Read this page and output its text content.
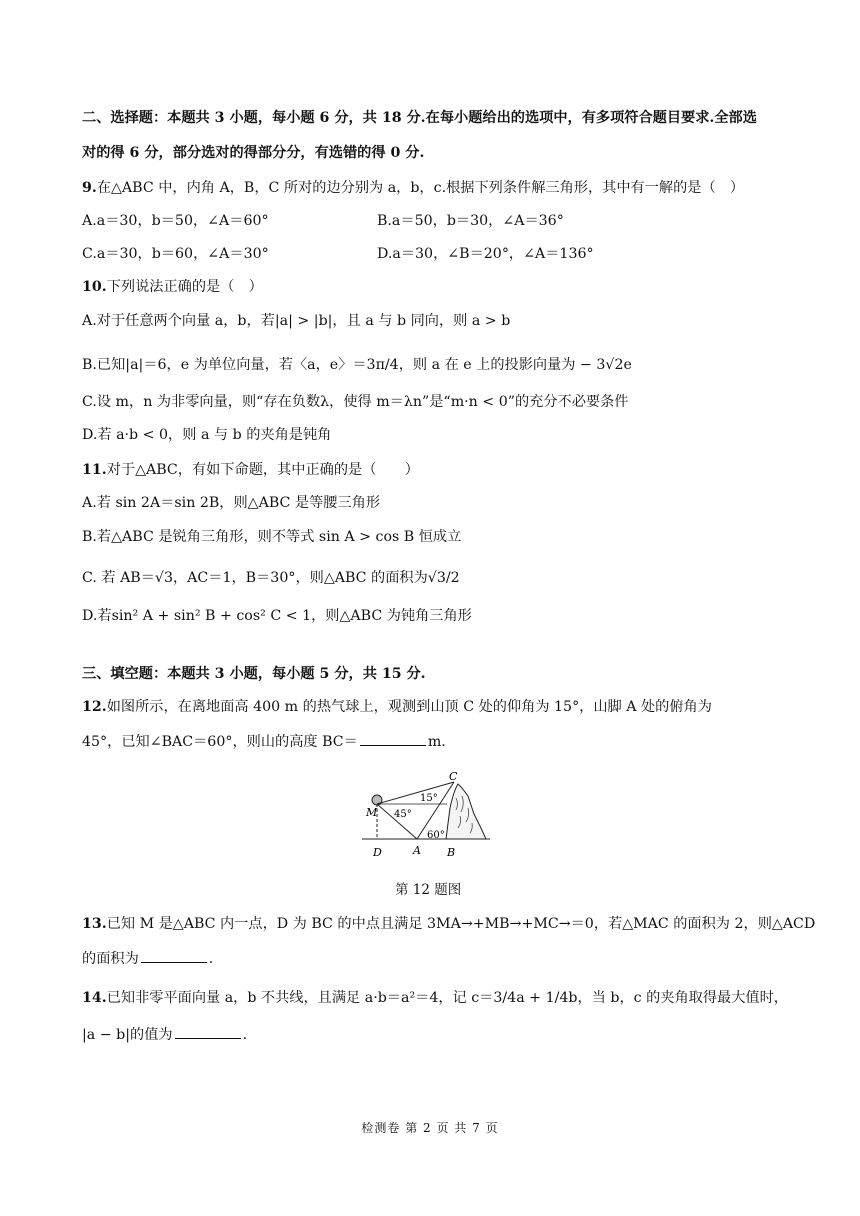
二、选择题：本题共 3 小题，每小题 6 分，共 18 分.在每小题给出的选项中，有多项符合题目要求.全部选
对的得 6 分，部分选对的得部分分，有选错的得 0 分.
9.在△ABC 中，内角 A，B，C 所对的边分别为 a，b，c.根据下列条件解三角形，其中有一解的是（　）
A.a＝30，b＝50，∠A＝60°	B.a＝50，b＝30，∠A＝36°
C.a＝30，b＝60，∠A＝30°	D.a＝30，∠B＝20°，∠A＝136°
10.下列说法正确的是（　）
A.对于任意两个向量 a，b，若|a| > |b|，且 a 与 b 同向，则 a > b
B.已知|a|＝6，e 为单位向量，若〈a，e〉＝3π/4，则 a 在 e 上的投影向量为 − 3√2e
C.设 m，n 为非零向量，则“存在负数λ，使得 m＝λn”是“m·n < 0”的充分不必要条件
D.若 a·b < 0，则 a 与 b 的夹角是钝角
11.对于△ABC，有如下命题，其中正确的是（　　）
A.若 sin 2A＝sin 2B，则△ABC 是等腰三角形
B.若△ABC 是锐角三角形，则不等式 sin A > cos B 恒成立
C. 若 AB＝√3，AC＝1，B＝30°，则△ABC 的面积为√3/2
D.若sin² A + sin² B + cos² C < 1，则△ABC 为钝角三角形
三、填空题：本题共 3 小题，每小题 5 分，共 15 分.
12.如图所示，在离地面高 400 m 的热气球上，观测到山顶 C 处的仰角为 15°，山脚 A 处的俯角为
45°，已知∠BAC＝60°，则山的高度 BC＝	m.
C
M
D	A B
15°
45°
60°
第 12 题图
13.已知 M 是△ABC 内一点，D 为 BC 的中点且满足 3MA→+MB→+MC→＝0，若△MAC 的面积为 2，则△ACD
的面积为	.
14.已知非零平面向量 a，b 不共线，且满足 a·b＝a²＝4，记 c＝3/4a + 1/4b，当 b，c 的夹角取得最大值时，
|a − b|的值为	.
检测卷 第 2 页 共 7 页
